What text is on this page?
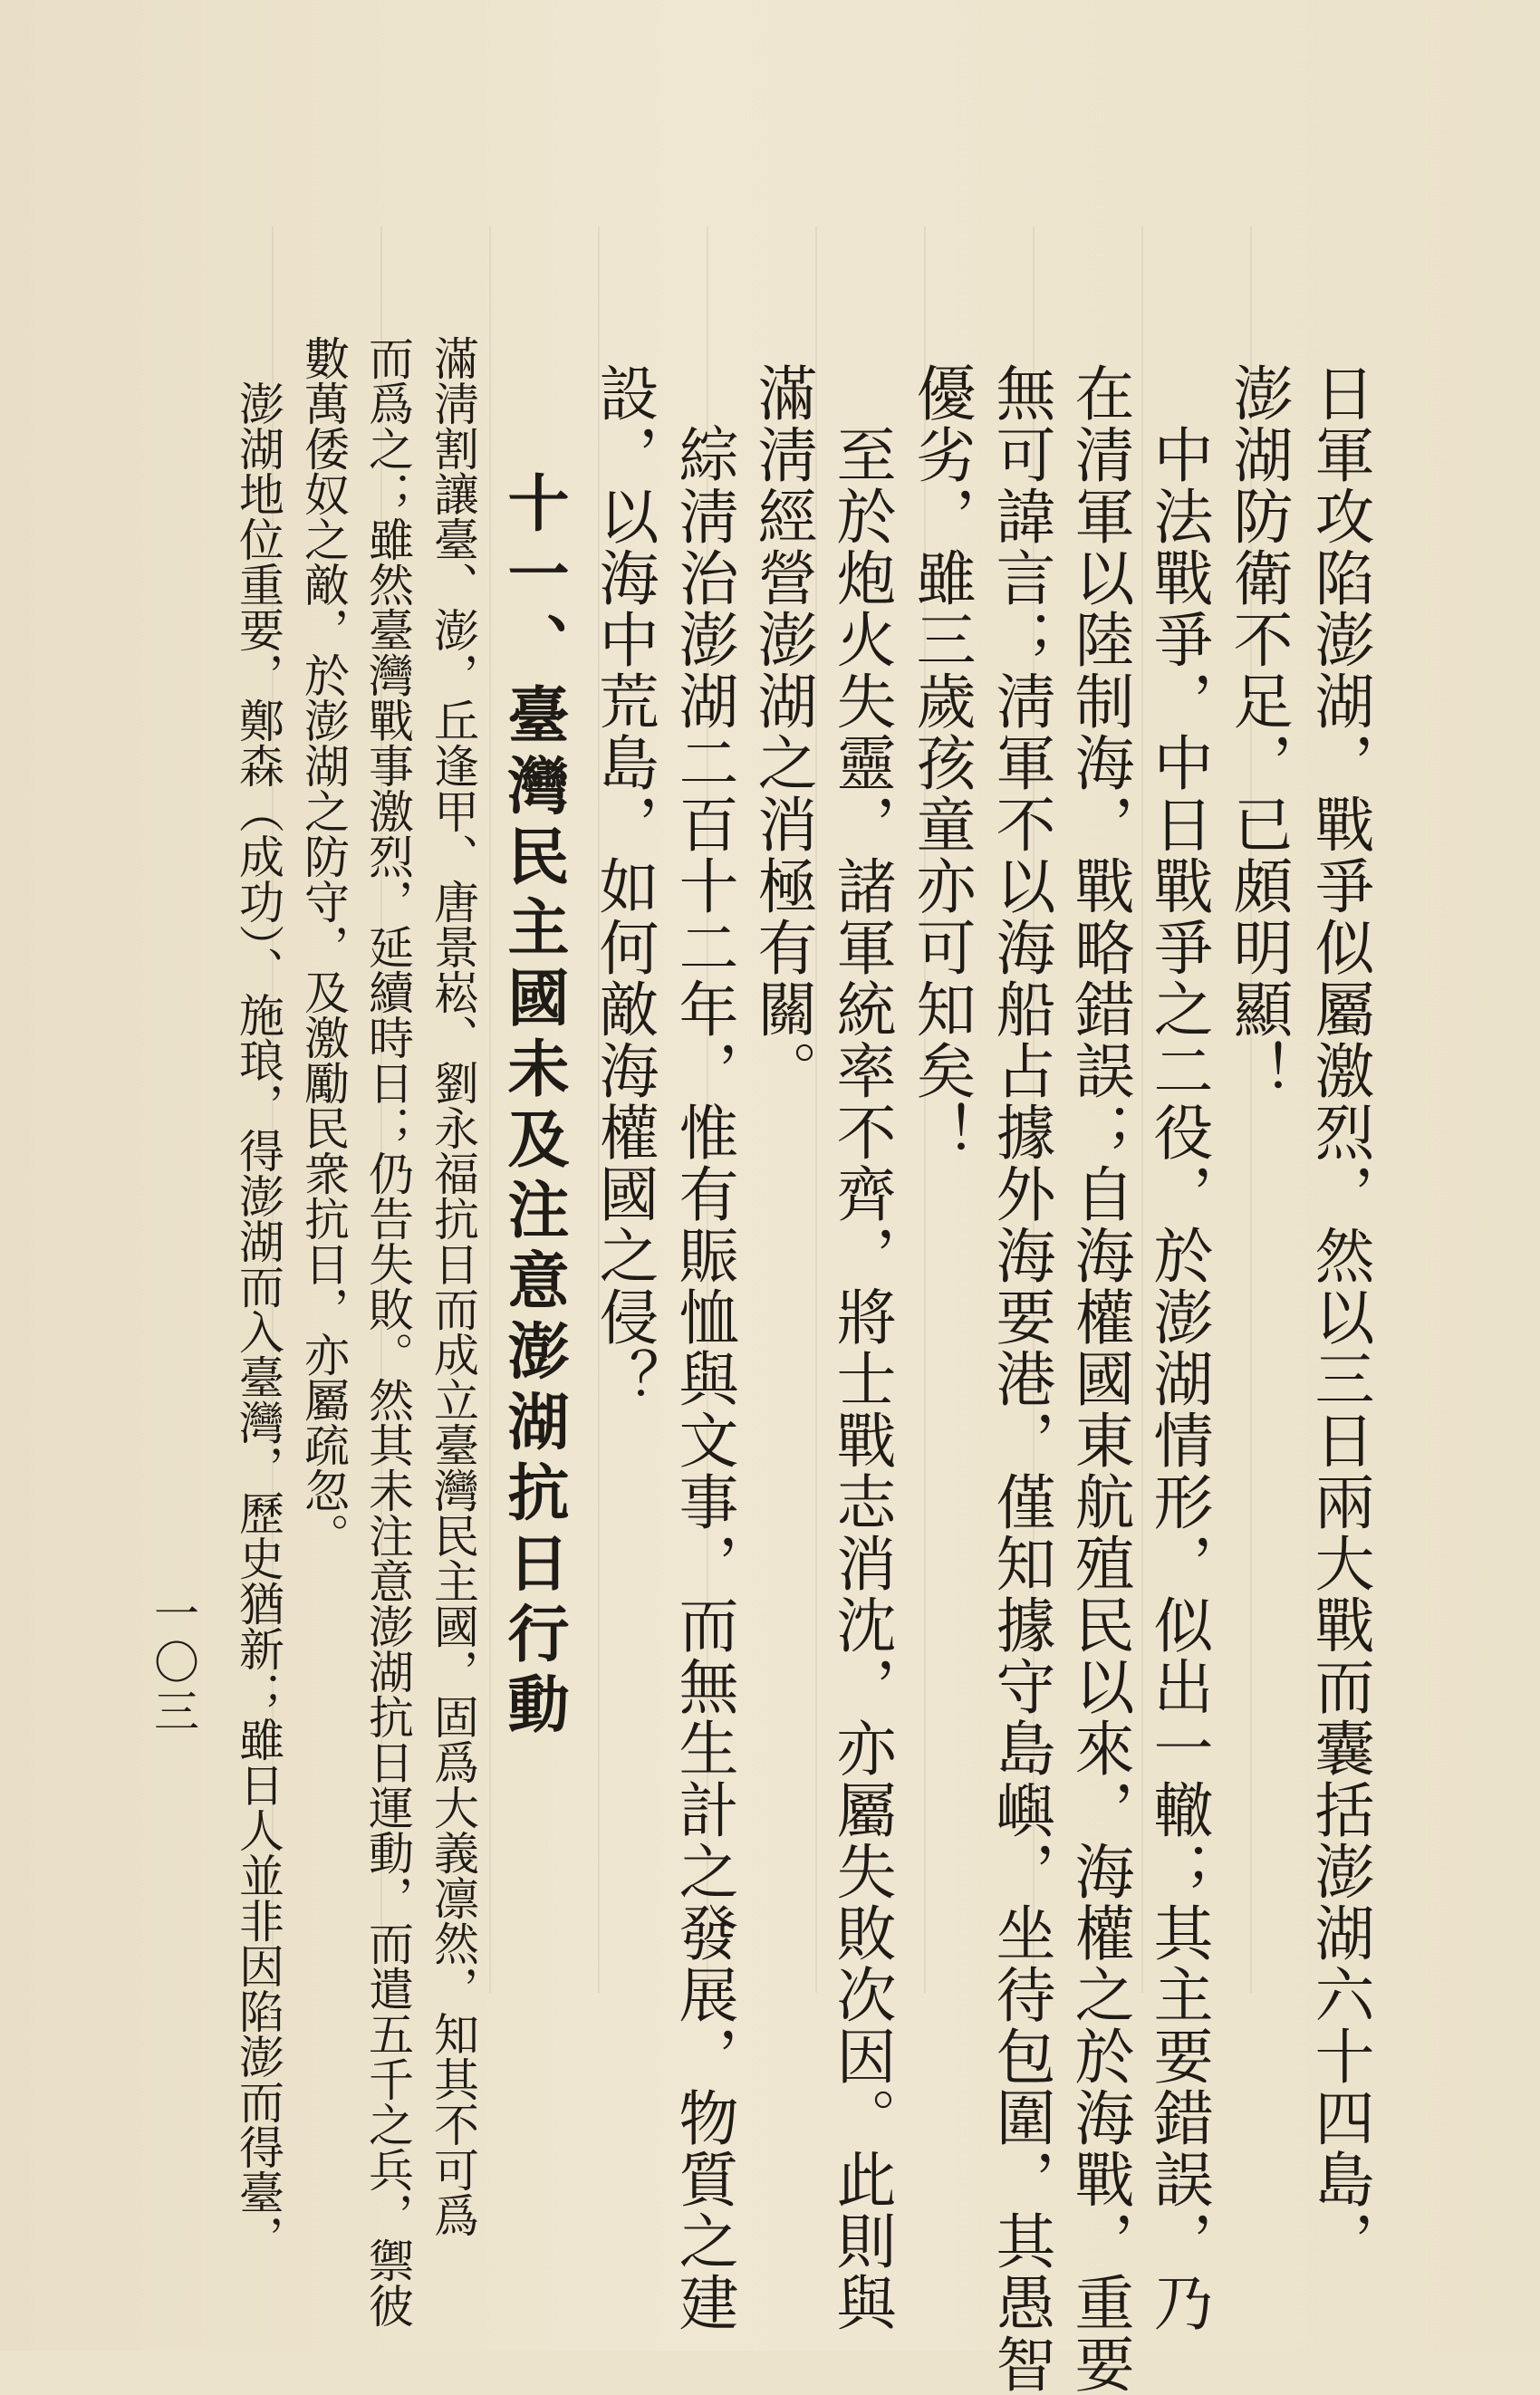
日軍攻陷澎湖，戰爭似屬激烈，然以三日兩大戰而囊括澎湖六十四島，
澎湖防衛不足，已頗明顯！
　中法戰爭，中日戰爭之二役，於澎湖情形，似出一轍；其主要錯誤，乃
在清軍以陸制海，戰略錯誤；自海權國東航殖民以來，海權之於海戰，重要
無可諱言；淸軍不以海船占據外海要港，僅知據守島嶼，坐待包圍，其愚智
優劣，雖三歲孩童亦可知矣！
　至於炮火失靈，諸軍統率不齊，將士戰志消沈，亦屬失敗次因。此則與
滿淸經營澎湖之消極有關。
　綜淸治澎湖二百十二年，惟有賑恤與文事，而無生計之發展，物質之建
設，以海中荒島，如何敵海權國之侵？
十一、臺灣民主國未及注意澎湖抗日行動
滿淸割讓臺、澎，丘逢甲、唐景崧、劉永福抗日而成立臺灣民主國，固爲大義凛然，知其不可爲
而爲之；雖然臺灣戰事激烈，延續時日；仍告失敗。然其未注意澎湖抗日運動，而遣五千之兵，禦彼
數萬倭奴之敵，於澎湖之防守，及激勵民衆抗日，亦屬疏忽。
　澎湖地位重要，鄭森（成功）、施琅，得澎湖而入臺灣，歷史猶新；雖日人並非因陷澎而得臺，
一〇三
